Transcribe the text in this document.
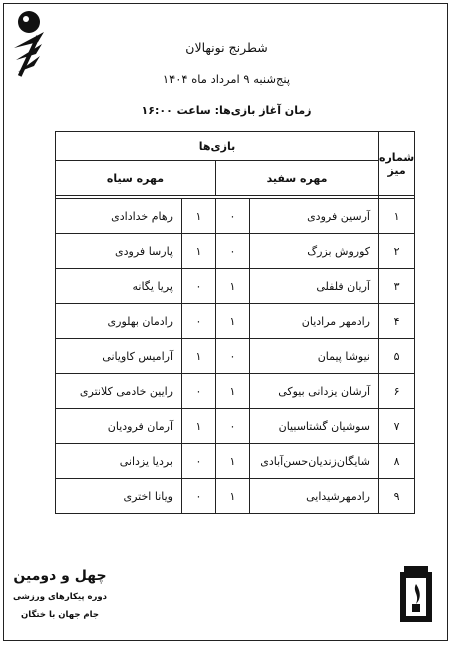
شطرنج نونهالان
پنج‌شنبه ۹ امرداد ماه ۱۴۰۴
زمان آغاز بازی‌ها: ساعت ۱۶:۰۰
شماره میز	بازی‌ها			
	مهره سفید		مهره سیاه	

۱	آرسین فرودی	۰	۱	رهام خدادادی
۲	کوروش بزرگ	۰	۱	پارسا فرودی
۳	آریان فلفلی	۱	۰	پریا یگانه
۴	رادمهر مرادیان	۱	۰	رادمان بهلوری
۵	نیوشا پیمان	۰	۱	آرامیس کاویانی
۶	آرشان یزدانی بیوکی	۱	۰	رایین خادمی کلانتری
۷	سوشیان گشتاسبیان	۰	۱	آرمان فرودیان
۸	شایگان‌زندیان‌حسن‌آبادی	۱	۰	بردیا یزدانی
۹	رادمهرشیدایی	۱	۰	ویانا اختری
چهل و دومین
دوره پیکارهای ورزشی
جام جهان با ختگان
